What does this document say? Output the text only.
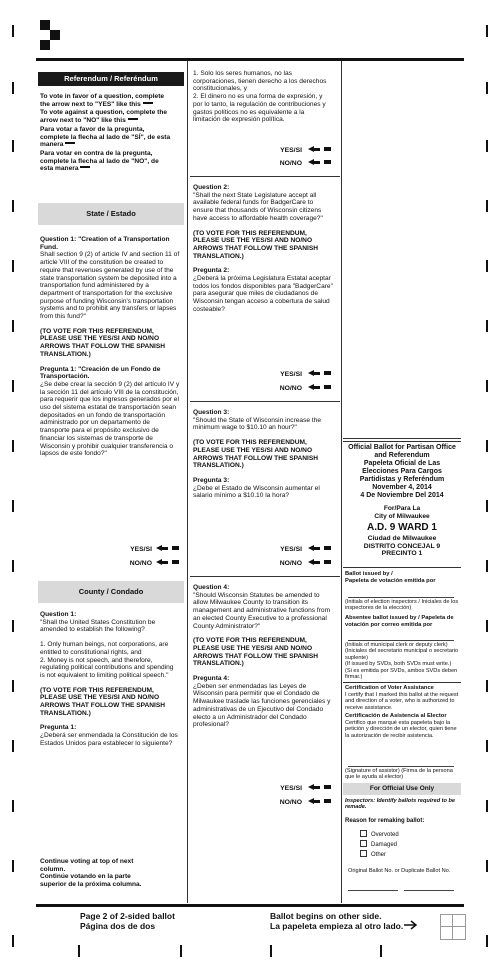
Referendum / Referéndum
To vote in favor of a question, complete the arrow next to "YES" like this
To vote against a question, complete the arrow next to "NO" like this
Para votar a favor de la pregunta, complete la flecha al lado de "SÍ", de esta manera
Para votar en contra de la pregunta, complete la flecha al lado de "NO", de esta manera
State / Estado
Question 1: "Creation of a Transportation Fund.

Shall section 9 (2) of article IV and section 11 of article VIII of the constitution be created to require that revenues generated by use of the state transportation system be deposited into a transportation fund administered by a department of transportation for the exclusive purpose of funding Wisconsin's transportation systems and to prohibit any transfers or lapses from this fund?"

(TO VOTE FOR THIS REFERENDUM, PLEASE USE THE YES/SI AND NO/NO ARROWS THAT FOLLOW THE SPANISH TRANSLATION.)

Pregunta 1: "Creación de un Fondo de Transportación.

¿Se debe crear la sección 9 (2) del artículo IV y la sección 11 del artículo VIII de la constitución, para requerir que los ingresos generados por el uso del sistema estatal de transportación sean depositados en un fondo de transportación administrado por un departamento de transporte para el propósito exclusivo de financiar los sistemas de transporte de Wisconsin y prohibir cualquier transferencia o lapsos de este fondo?"

YES/SI
NO/NO
County / Condado
Question 1:

"Shall the United States Constitution be amended to establish the following?

1. Only human beings, not corporations, are entitled to constitutional rights, and
2. Money is not speech, and therefore, regulating political contributions and spending is not equivalent to limiting political speech."

(TO VOTE FOR THIS REFERENDUM, PLEASE USE THE YES/SI AND NO/NO ARROWS THAT FOLLOW THE SPANISH TRANSLATION.)

Pregunta 1:

¿Deberá ser enmendada la Constitución de los Estados Unidos para establecer lo siguiente?

Continue voting at top of next column.
Continúe votando en la parte superior de la próxima columna.

1. Solo los seres humanos, no las corporaciones, tienen derecho a los derechos constitucionales, y
2. El dinero no es una forma de expresión, y por lo tanto, la regulación de contribuciones y gastos políticos no es equivalente a la limitación de expresión política.

YES/SI
NO/NO
Question 2:

"Shall the next State Legislature accept all available federal funds for BadgerCare to ensure that thousands of Wisconsin citizens have access to affordable health coverage?"

(TO VOTE FOR THIS REFERENDUM, PLEASE USE THE YES/SI AND NO/NO ARROWS THAT FOLLOW THE SPANISH TRANSLATION.)

Pregunta 2:

¿Deberá la próxima Legislatura Estatal aceptar todos los fondos disponibles para "BadgerCare" para asegurar que miles de ciudadanos de Wisconsin tengan acceso a cobertura de salud costeable?

YES/SI
NO/NO
Question 3:

"Should the State of Wisconsin increase the minimum wage to $10.10 an hour?"

(TO VOTE FOR THIS REFERENDUM, PLEASE USE THE YES/SI AND NO/NO ARROWS THAT FOLLOW THE SPANISH TRANSLATION.)

Pregunta 3:

¿Debe el Estado de Wisconsin aumentar el salario mínimo a $10.10 la hora?

YES/SI
NO/NO
Question 4:

"Should Wisconsin Statutes be amended to allow Milwaukee County to transition its management and administrative functions from an elected County Executive to a professional County Administrator?"

(TO VOTE FOR THIS REFERENDUM, PLEASE USE THE YES/SI AND NO/NO ARROWS THAT FOLLOW THE SPANISH TRANSLATION.)

Pregunta 4:

¿Deben ser enmendadas las Leyes de Wisconsin para permitir que el Condado de Milwaukee traslade las funciones gerenciales y administrativas de un Ejecutivo del Condado electo a un Administrador del Condado profesional?

YES/SI
NO/NO
Official Ballot for Partisan Office and Referendum
Papeleta Oficial de Las Elecciones Para Cargos Partidistas y Referéndum
November 4, 2014
4 De Noviembre Del 2014
For/Para La
City of Milwaukee
A.D. 9 WARD 1
Ciudad de Milwaukee
DISTRITO CONCEJAL 9
PRECINTO 1
Ballot issued by /
Papeleta de votación emitida por
(Initials of election inspectors / Iniciales de los inspectores de la elección)
Absentee ballot issued by / Papeleta de votación por correo emitida por
(Initials of municipal clerk or deputy clerk) (Iniciales del secretario municipal o secretario suplente)
(If issued by SVDs, both SVDs must write.) (Si es emitida por SVDs, ambos SVDs deben firmar.)
Certification of Voter Assistance
I certify that I marked this ballot at the request and direction of a voter, who is authorized to receive assistance.
Certificación de Asistencia al Elector
Certifico que marqué esta papeleta bajo la petición y dirección de un elector, quien tiene la autorización de recibir asistencia.
(Signature of assistor) (Firma de la persona que le ayuda al elector)
For Official Use Only
Inspectors: Identify ballots required to be remade.
Reason for remaking ballot:
Overvoted
Damaged
Other
Original Ballot No. or Duplicate Ballot No.
Page 2 of 2-sided ballot
Página dos de dos
Ballot begins on other side.
La papeleta empieza al otro lado.
